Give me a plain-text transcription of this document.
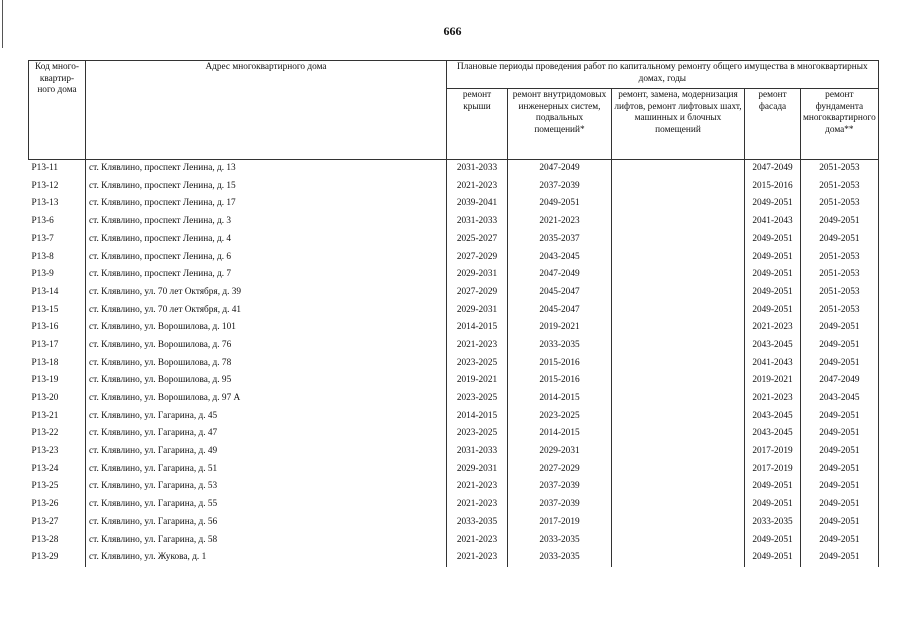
666
Код много-квартир-ного дома	Адрес многоквартирного дома	Плановые периоды проведения работ по капитальному ремонту общего имущества в многоквартирных домах, годы				
		ремонт крыши	ремонт внутридомовых инженерных систем, подвальных помещений*	ремонт, замена, модернизация лифтов, ремонт лифтовых шахт, машинных и блочных помещений	ремонт фасада	ремонт фундамента многоквартирного дома**
Р13-11	ст. Клявлино, проспект Ленина, д. 13	2031-2033	2047-2049		2047-2049	2051-2053
Р13-12	ст. Клявлино, проспект Ленина, д. 15	2021-2023	2037-2039		2015-2016	2051-2053
Р13-13	ст. Клявлино, проспект Ленина, д. 17	2039-2041	2049-2051		2049-2051	2051-2053
Р13-6	ст. Клявлино, проспект Ленина, д. 3	2031-2033	2021-2023		2041-2043	2049-2051
Р13-7	ст. Клявлино, проспект Ленина, д. 4	2025-2027	2035-2037		2049-2051	2049-2051
Р13-8	ст. Клявлино, проспект Ленина, д. 6	2027-2029	2043-2045		2049-2051	2051-2053
Р13-9	ст. Клявлино, проспект Ленина, д. 7	2029-2031	2047-2049		2049-2051	2051-2053
Р13-14	ст. Клявлино, ул. 70 лет Октября, д. 39	2027-2029	2045-2047		2049-2051	2051-2053
Р13-15	ст. Клявлино, ул. 70 лет Октября, д. 41	2029-2031	2045-2047		2049-2051	2051-2053
Р13-16	ст. Клявлино, ул. Ворошилова, д. 101	2014-2015	2019-2021		2021-2023	2049-2051
Р13-17	ст. Клявлино, ул. Ворошилова, д. 76	2021-2023	2033-2035		2043-2045	2049-2051
Р13-18	ст. Клявлино, ул. Ворошилова, д. 78	2023-2025	2015-2016		2041-2043	2049-2051
Р13-19	ст. Клявлино, ул. Ворошилова, д. 95	2019-2021	2015-2016		2019-2021	2047-2049
Р13-20	ст. Клявлино, ул. Ворошилова, д. 97 А	2023-2025	2014-2015		2021-2023	2043-2045
Р13-21	ст. Клявлино, ул. Гагарина, д. 45	2014-2015	2023-2025		2043-2045	2049-2051
Р13-22	ст. Клявлино, ул. Гагарина, д. 47	2023-2025	2014-2015		2043-2045	2049-2051
Р13-23	ст. Клявлино, ул. Гагарина, д. 49	2031-2033	2029-2031		2017-2019	2049-2051
Р13-24	ст. Клявлино, ул. Гагарина, д. 51	2029-2031	2027-2029		2017-2019	2049-2051
Р13-25	ст. Клявлино, ул. Гагарина, д. 53	2021-2023	2037-2039		2049-2051	2049-2051
Р13-26	ст. Клявлино, ул. Гагарина, д. 55	2021-2023	2037-2039		2049-2051	2049-2051
Р13-27	ст. Клявлино, ул. Гагарина, д. 56	2033-2035	2017-2019		2033-2035	2049-2051
Р13-28	ст. Клявлино, ул. Гагарина, д. 58	2021-2023	2033-2035		2049-2051	2049-2051
Р13-29	ст. Клявлино, ул. Жукова, д. 1	2021-2023	2033-2035		2049-2051	2049-2051
